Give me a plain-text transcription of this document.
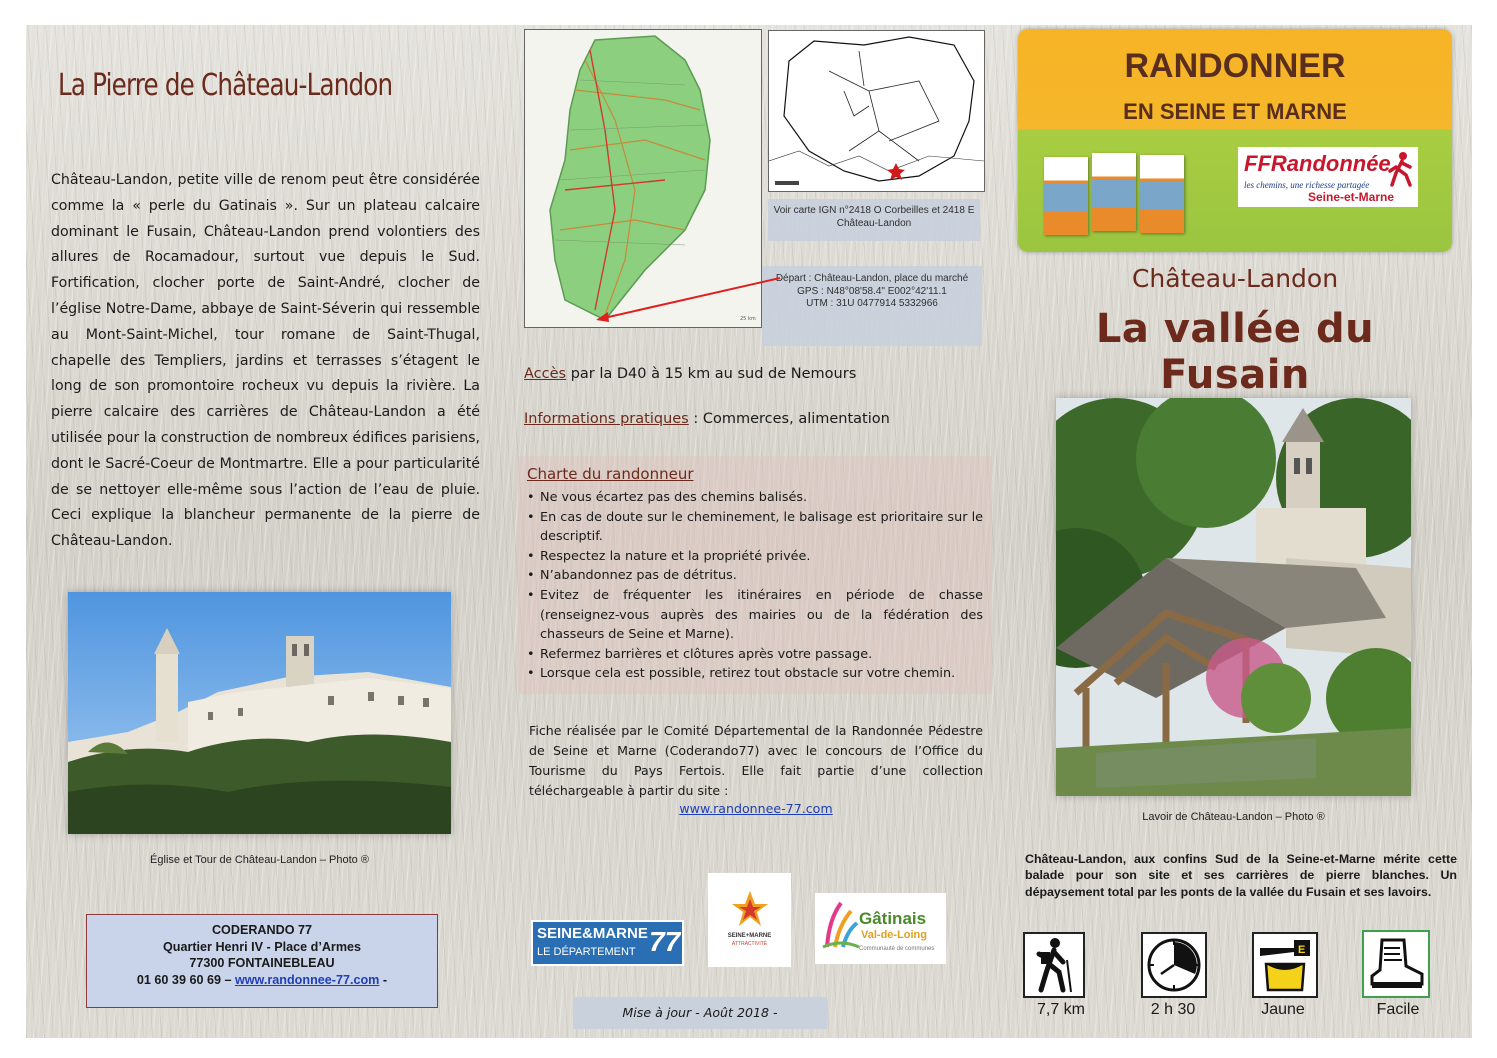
La Pierre de Château-Landon
Château-Landon, petite ville de renom peut être considérée comme la « perle du Gatinais ». Sur un plateau calcaire dominant le Fusain, Château-Landon prend volontiers des allures de Rocamadour, surtout vue depuis le Sud. Fortification, clocher porte de Saint-André, clocher de l’église Notre-Dame, abbaye de Saint-Séverin qui ressemble au Mont-Saint-Michel, tour romane de Saint-Thugal, chapelle des Templiers, jardins et terrasses s’étagent le long de son promontoire rocheux vu depuis la rivière. La pierre calcaire des carrières de Château-Landon a été utilisée pour la construction de nombreux édifices parisiens, dont le Sacré-Coeur de Montmartre. Elle a pour particularité de se nettoyer elle-même sous l’action de l’eau de pluie. Ceci explique la blancheur permanente de la pierre de Château-Landon.
Église et Tour de Château-Landon – Photo ®
CODERANDO 77
Quartier Henri IV - Place d’Armes
77300 FONTAINEBLEAU
01 60 39 60 69 – www.randonnee-77.com -
25 km
Voir carte IGN n°2418 O Corbeilles et 2418 E Château-Landon
Départ : Château-Landon, place du marché
GPS : N48°08'58.4" E002°42'11.1
UTM : 31U 0477914 5332966
Accès par la D40 à 15 km au sud de Nemours
Informations pratiques : Commerces, alimentation
Charte du randonneur
• Ne vous écartez pas des chemins balisés.
• En cas de doute sur le cheminement, le balisage est prioritaire sur le descriptif.
• Respectez la nature et la propriété privée.
• N’abandonnez pas de détritus.
• Evitez de fréquenter les itinéraires en période de chasse (renseignez-vous auprès des mairies ou de la fédération des chasseurs de Seine et Marne).
• Refermez barrières et clôtures après votre passage.
• Lorsque cela est possible, retirez tout obstacle sur votre chemin.
Fiche réalisée par le Comité Départemental de la Randonnée Pédestre de Seine et Marne (Coderando77) avec le concours de l’Office du Tourisme du Pays Fertois. Elle fait partie d’une collection téléchargeable à partir du site :
www.randonnee-77.com
SEINE&MARNE
LE DÉPARTEMENT 77	SEINE+MARNE
ATTRACTIVITÉ
Gâtinais
Val-de-Loing
Communauté de communes
Mise à jour - Août 2018 -
RANDONNER
EN SEINE ET MARNE
FFRandonnée
les chemins, une richesse partagée
Seine-et-Marne
Château-Landon
La vallée du Fusain
Lavoir de Château-Landon – Photo ®
Château-Landon, aux confins Sud de la Seine-et-Marne mérite cette balade pour son site et ses carrières de pierre blanches. Un dépaysement total par les ponts de la vallée du Fusain et ses lavoirs.
E
7,7 km	2 h 30	Jaune	Facile
